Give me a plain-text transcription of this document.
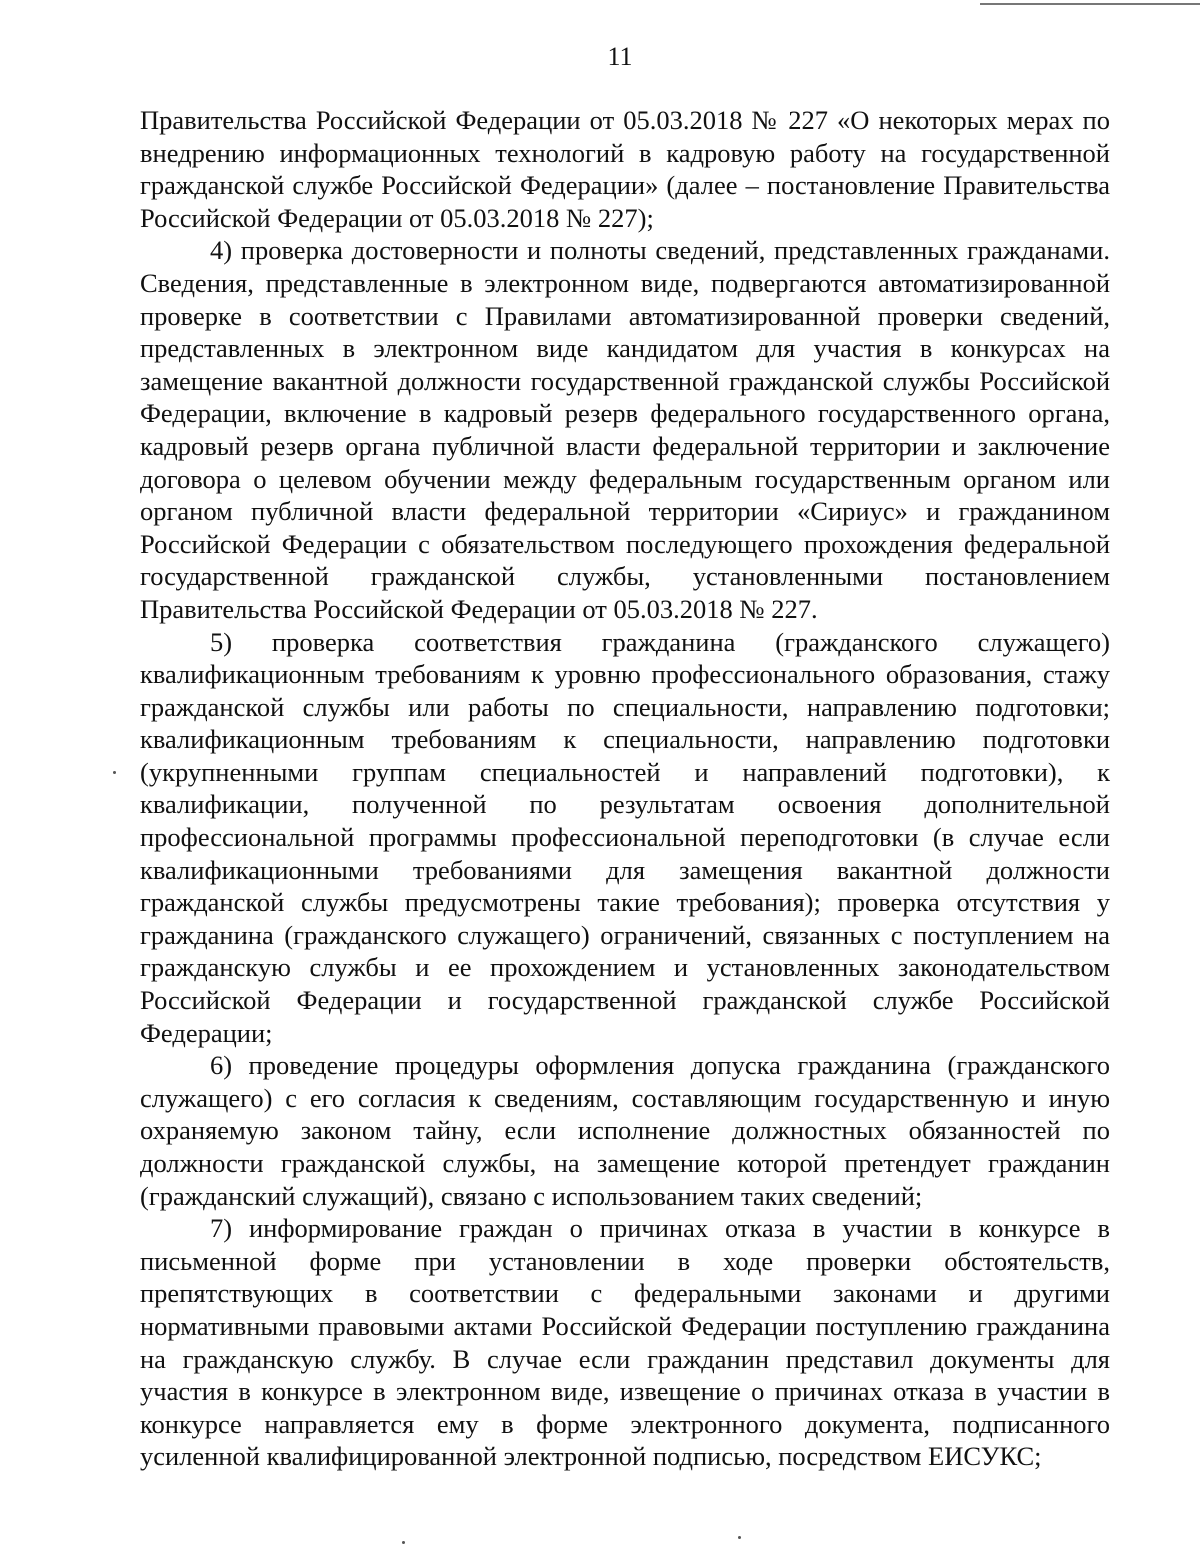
11

Правительства Российской Федерации от 05.03.2018 № 227 «О некоторых мерах по внедрению информационных технологий в кадровую работу на государственной гражданской службе Российской Федерации» (далее – постановление Правительства Российской Федерации от 05.03.2018 № 227);

4) проверка достоверности и полноты сведений, представленных гражданами. Сведения, представленные в электронном виде, подвергаются автоматизированной проверке в соответствии с Правилами автоматизированной проверки сведений, представленных в электронном виде кандидатом для участия в конкурсах на замещение вакантной должности государственной гражданской службы Российской Федерации, включение в кадровый резерв федерального государственного органа, кадровый резерв органа публичной власти федеральной территории и заключение договора о целевом обучении между федеральным государственным органом или органом публичной власти федеральной территории «Сириус» и гражданином Российской Федерации с обязательством последующего прохождения федеральной государственной гражданской службы, установленными постановлением Правительства Российской Федерации от 05.03.2018 № 227.

5) проверка соответствия гражданина (гражданского служащего) квалификационным требованиям к уровню профессионального образования, стажу гражданской службы или работы по специальности, направлению подготовки; квалификационным требованиям к специальности, направлению подготовки (укрупненными группам специальностей и направлений подготовки), к квалификации, полученной по результатам освоения дополнительной профессиональной программы профессиональной переподготовки (в случае если квалификационными требованиями для замещения вакантной должности гражданской службы предусмотрены такие требования); проверка отсутствия у гражданина (гражданского служащего) ограничений, связанных с поступлением на гражданскую службы и ее прохождением и установленных законодательством Российской Федерации и государственной гражданской службе Российской Федерации;

6) проведение процедуры оформления допуска гражданина (гражданского служащего) с его согласия к сведениям, составляющим государственную и иную охраняемую законом тайну, если исполнение должностных обязанностей по должности гражданской службы, на замещение которой претендует гражданин (гражданский служащий), связано с использованием таких сведений;

7) информирование граждан о причинах отказа в участии в конкурсе в письменной форме при установлении в ходе проверки обстоятельств, препятствующих в соответствии с федеральными законами и другими нормативными правовыми актами Российской Федерации поступлению гражданина на гражданскую службу. В случае если гражданин представил документы для участия в конкурсе в электронном виде, извещение о причинах отказа в участии в конкурсе направляется ему в форме электронного документа, подписанного усиленной квалифицированной электронной подписью, посредством ЕИСУКС;
